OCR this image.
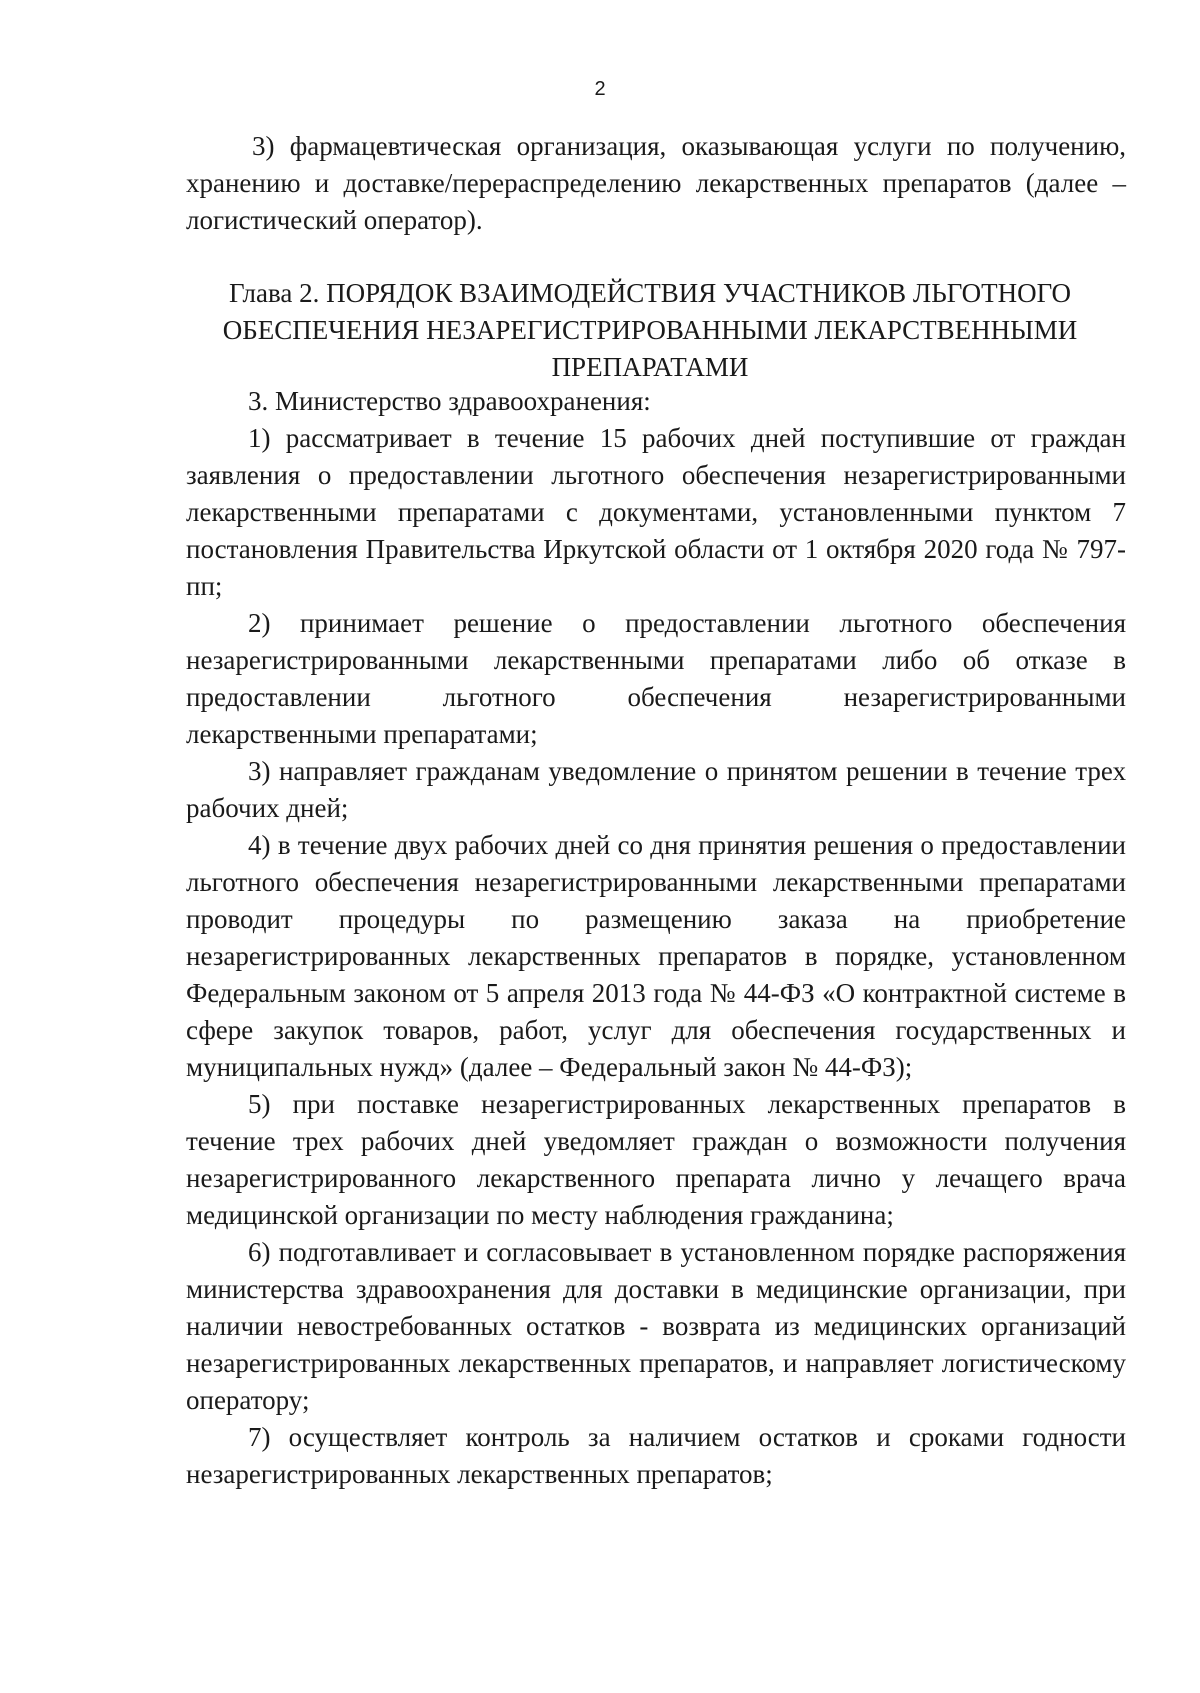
2

3) фармацевтическая организация, оказывающая услуги по получению, хранению и доставке/перераспределению лекарственных препаратов (далее – логистический оператор).

Глава 2. ПОРЯДОК ВЗАИМОДЕЙСТВИЯ УЧАСТНИКОВ ЛЬГОТНОГО
ОБЕСПЕЧЕНИЯ НЕЗАРЕГИСТРИРОВАННЫМИ ЛЕКАРСТВЕННЫМИ
ПРЕПАРАТАМИ

3. Министерство здравоохранения:

1) рассматривает в течение 15 рабочих дней поступившие от граждан заявления о предоставлении льготного обеспечения незарегистрированными лекарственными препаратами с документами, установленными пунктом 7 постановления Правительства Иркутской области от 1 октября 2020 года № 797-пп;

2) принимает решение о предоставлении льготного обеспечения незарегистрированными лекарственными препаратами либо об отказе в предоставлении льготного обеспечения незарегистрированными лекарственными препаратами;

3) направляет гражданам уведомление о принятом решении в течение трех рабочих дней;

4) в течение двух рабочих дней со дня принятия решения о предоставлении льготного обеспечения незарегистрированными лекарственными препаратами проводит процедуры по размещению заказа на приобретение незарегистрированных лекарственных препаратов в порядке, установленном Федеральным законом от 5 апреля 2013 года № 44-ФЗ «О контрактной системе в сфере закупок товаров, работ, услуг для обеспечения государственных и муниципальных нужд» (далее – Федеральный закон № 44-ФЗ);

5) при поставке незарегистрированных лекарственных препаратов в течение трех рабочих дней уведомляет граждан о возможности получения незарегистрированного лекарственного препарата лично у лечащего врача медицинской организации по месту наблюдения гражданина;

6) подготавливает и согласовывает в установленном порядке распоряжения министерства здравоохранения для доставки в медицинские организации, при наличии невостребованных остатков - возврата из медицинских организаций незарегистрированных лекарственных препаратов, и направляет логистическому оператору;

7) осуществляет контроль за наличием остатков и сроками годности незарегистрированных лекарственных препаратов;
